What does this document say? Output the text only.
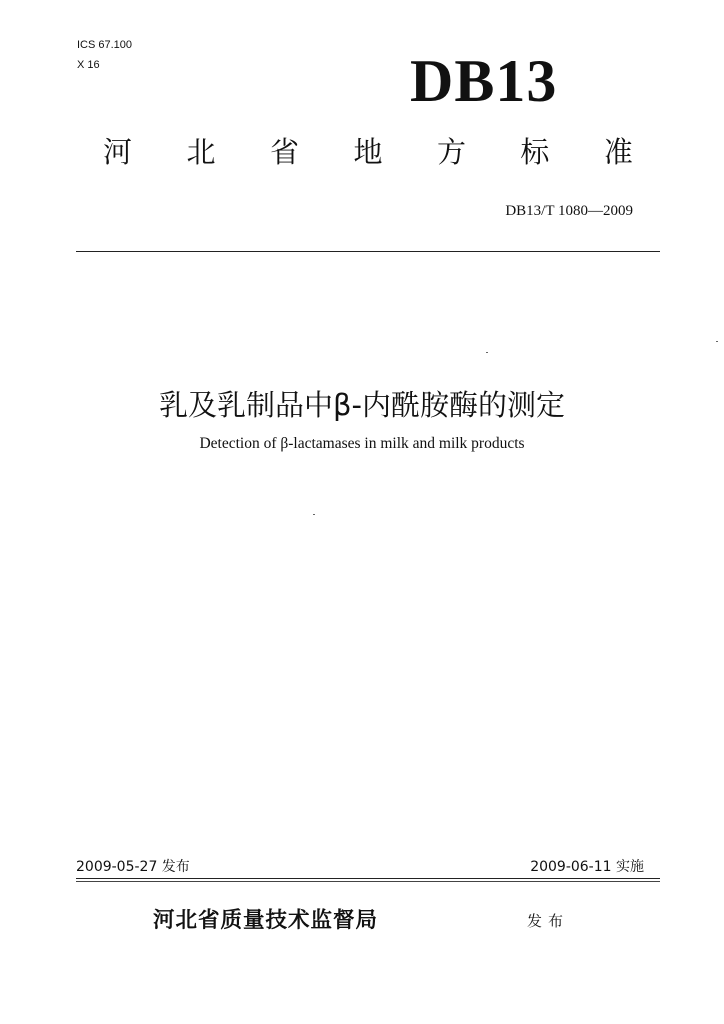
ICS 67.100
X 16	DB13
河 北 省 地 方 标 准
DB13/T 1080—2009
乳及乳制品中β-内酰胺酶的测定
Detection of β-lactamases in milk and milk products
2009-05-27 发布	2009-06-11 实施
河北省质量技术监督局	发布
